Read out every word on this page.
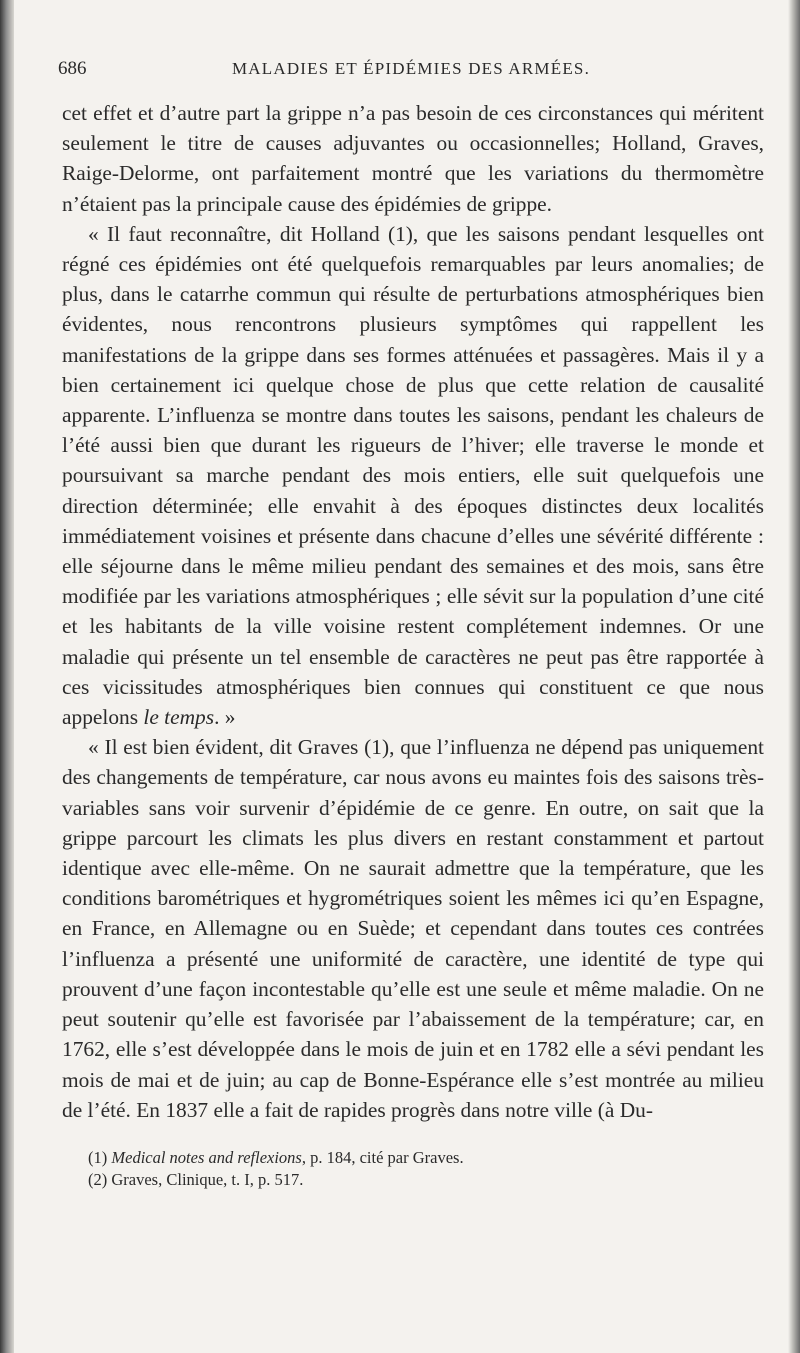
686	MALADIES ET ÉPIDÉMIES DES ARMÉES.

cet effet et d’autre part la grippe n’a pas besoin de ces circonstances qui méritent seulement le titre de causes adjuvantes ou occasionnelles; Holland, Graves, Raige-Delorme, ont parfaitement montré que les variations du thermomètre n’étaient pas la principale cause des épidémies de grippe.

« Il faut reconnaître, dit Holland (1), que les saisons pendant lesquelles ont régné ces épidémies ont été quelquefois remarquables par leurs anomalies; de plus, dans le catarrhe commun qui résulte de perturbations atmosphériques bien évidentes, nous rencontrons plusieurs symptômes qui rappellent les manifestations de la grippe dans ses formes atténuées et passagères. Mais il y a bien certainement ici quelque chose de plus que cette relation de causalité apparente. L’influenza se montre dans toutes les saisons, pendant les chaleurs de l’été aussi bien que durant les rigueurs de l’hiver; elle traverse le monde et poursuivant sa marche pendant des mois entiers, elle suit quelquefois une direction déterminée; elle envahit à des époques distinctes deux localités immédiatement voisines et présente dans chacune d’elles une sévérité différente : elle séjourne dans le même milieu pendant des semaines et des mois, sans être modifiée par les variations atmosphériques ; elle sévit sur la population d’une cité et les habitants de la ville voisine restent complétement indemnes. Or une maladie qui présente un tel ensemble de caractères ne peut pas être rapportée à ces vicissitudes atmosphériques bien connues qui constituent ce que nous appelons le temps. »

« Il est bien évident, dit Graves (1), que l’influenza ne dépend pas uniquement des changements de température, car nous avons eu maintes fois des saisons très-variables sans voir survenir d’épidémie de ce genre. En outre, on sait que la grippe parcourt les climats les plus divers en restant constamment et partout identique avec elle-même. On ne saurait admettre que la température, que les conditions barométriques et hygrométriques soient les mêmes ici qu’en Espagne, en France, en Allemagne ou en Suède; et cependant dans toutes ces contrées l’influenza a présenté une uniformité de caractère, une identité de type qui prouvent d’une façon incontestable qu’elle est une seule et même maladie. On ne peut soutenir qu’elle est favorisée par l’abaissement de la température; car, en 1762, elle s’est développée dans le mois de juin et en 1782 elle a sévi pendant les mois de mai et de juin; au cap de Bonne-Espérance elle s’est montrée au milieu de l’été. En 1837 elle a fait de rapides progrès dans notre ville (à Du-

(1) Medical notes and reflexions, p. 184, cité par Graves.

(2) Graves, Clinique, t. I, p. 517.
